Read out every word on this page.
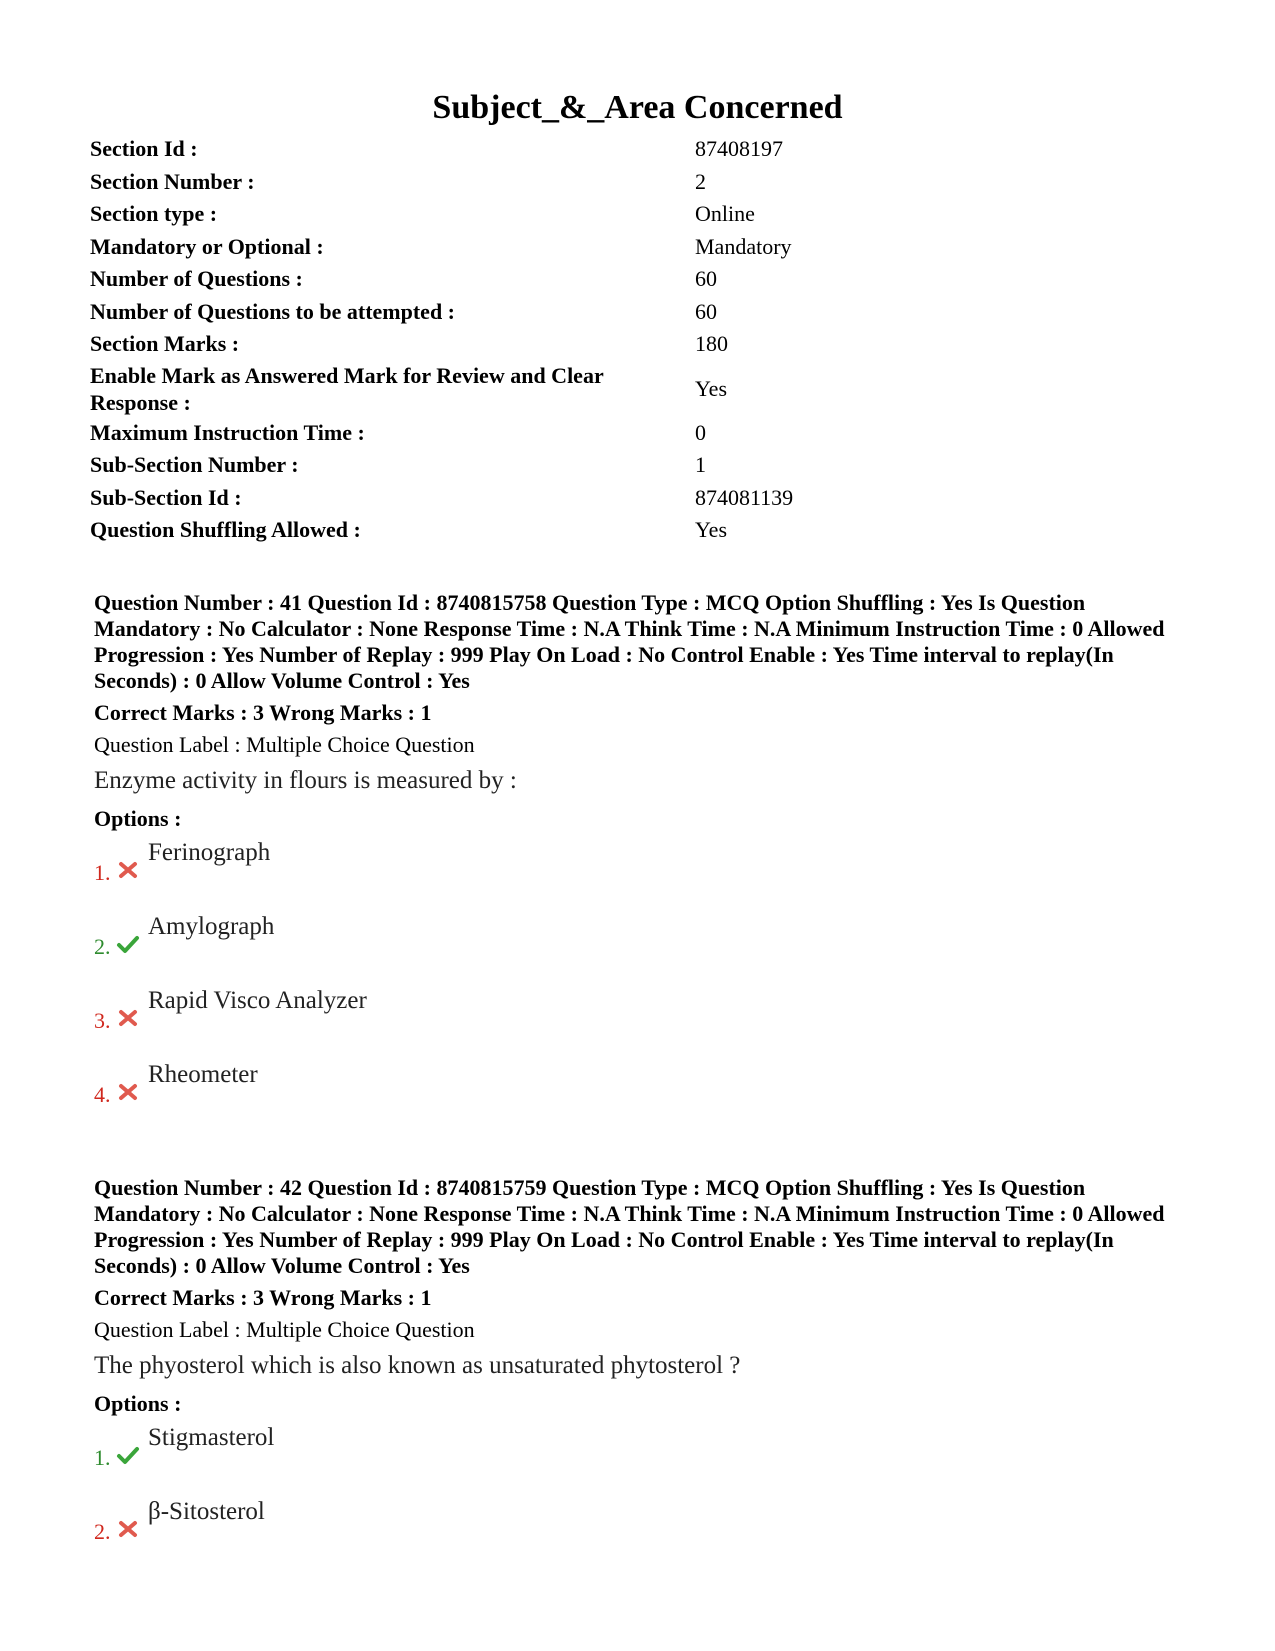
Subject_&_Area Concerned
Section Id :	87408197
Section Number :	2
Section type :	Online
Mandatory or Optional :	Mandatory
Number of Questions :	60
Number of Questions to be attempted :	60
Section Marks :	180
Enable Mark as Answered Mark for Review and Clear Response :	Yes
Maximum Instruction Time :	0
Sub-Section Number :	1
Sub-Section Id :	874081139
Question Shuffling Allowed :	Yes

Question Number : 41 Question Id : 8740815758 Question Type : MCQ Option Shuffling : Yes Is Question Mandatory : No Calculator : None Response Time : N.A Think Time : N.A Minimum Instruction Time : 0 Allowed Progression : Yes Number of Replay : 999 Play On Load : No Control Enable : Yes Time interval to replay(In Seconds) : 0 Allow Volume Control : Yes

Correct Marks : 3 Wrong Marks : 1
Question Label : Multiple Choice Question
Enzyme activity in flours is measured by :
Options :
1.
Ferinograph
2.
Amylograph
3.
Rapid Visco Analyzer
4.
Rheometer

Question Number : 42 Question Id : 8740815759 Question Type : MCQ Option Shuffling : Yes Is Question Mandatory : No Calculator : None Response Time : N.A Think Time : N.A Minimum Instruction Time : 0 Allowed Progression : Yes Number of Replay : 999 Play On Load : No Control Enable : Yes Time interval to replay(In Seconds) : 0 Allow Volume Control : Yes

Correct Marks : 3 Wrong Marks : 1
Question Label : Multiple Choice Question
The phyosterol which is also known as unsaturated phytosterol ?
Options :
1.
Stigmasterol
2.
β-Sitosterol
